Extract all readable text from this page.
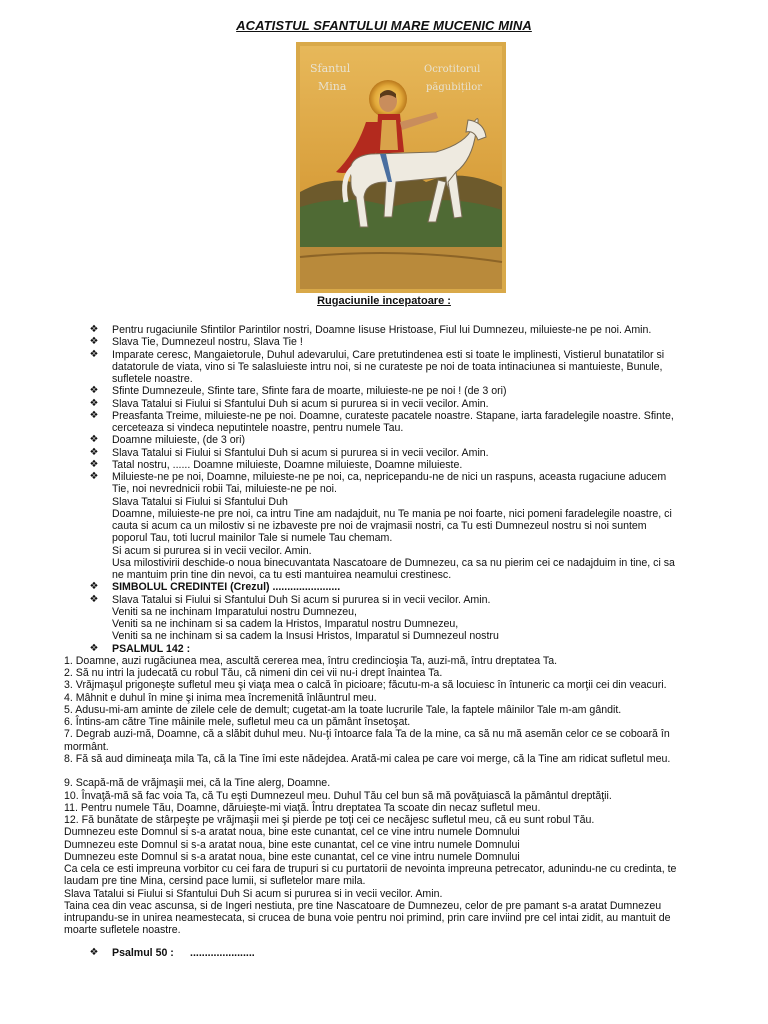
ACATISTUL SFANTULUI MARE MUCENIC MINA
Sfantul
Mina
Ocrotitorul
păgubiților
Rugaciunile incepatoare :
❖ Pentru rugaciunile Sfintilor Parintilor nostri, Doamne Iisuse Hristoase, Fiul lui Dumnezeu, miluieste-ne pe noi. Amin.
❖ Slava Tie, Dumnezeul nostru, Slava Tie !
❖ Imparate ceresc, Mangaietorule, Duhul adevarului, Care pretutindenea esti si toate le implinesti, Vistierul bunatatilor si
datatorule de viata, vino si Te salasluieste intru noi, si ne curateste pe noi de toata intinaciunea si mantuieste, Bunule,
sufletele noastre.
❖ Sfinte Dumnezeule, Sfinte tare, Sfinte fara de moarte, miluieste-ne pe noi ! (de 3 ori)
❖ Slava Tatalui si Fiului si Sfantului Duh si acum si pururea si in vecii vecilor. Amin.
❖ Preasfanta Treime, miluieste-ne pe noi. Doamne, curateste pacatele noastre. Stapane, iarta faradelegile noastre. Sfinte,
cerceteaza si vindeca neputintele noastre, pentru numele Tau.
❖ Doamne miluieste, (de 3 ori)
❖ Slava Tatalui si Fiului si Sfantului Duh si acum si pururea si in vecii vecilor. Amin.
❖ Tatal nostru, ...... Doamne miluieste, Doamne miluieste, Doamne miluieste.
❖ Miluieste-ne pe noi, Doamne, miluieste-ne pe noi, ca, nepricepandu-ne de nici un raspuns, aceasta rugaciune aducem
Tie, noi nevrednicii robii Tai, miluieste-ne pe noi.
Slava Tatalui si Fiului si Sfantului Duh
Doamne, miluieste-ne pre noi, ca intru Tine am nadajduit, nu Te mania pe noi foarte, nici pomeni faradelegile noastre, ci
cauta si acum ca un milostiv si ne izbaveste pre noi de vrajmasii nostri, ca Tu esti Dumnezeul nostru si noi suntem
poporul Tau, toti lucrul mainilor Tale si numele Tau chemam.
Si acum si pururea si in vecii vecilor. Amin.
Usa milostivirii deschide-o noua binecuvantata Nascatoare de Dumnezeu, ca sa nu pierim cei ce nadajduim in tine, ci sa
ne mantuim prin tine din nevoi, ca tu esti mantuirea neamului crestinesc.
❖ SIMBOLUL CREDINTEI (Crezul) .......................
❖ Slava Tatalui si Fiului si Sfantului Duh Si acum si pururea si in vecii vecilor. Amin.
Veniti sa ne inchinam Imparatului nostru Dumnezeu,
Veniti sa ne inchinam si sa cadem la Hristos, Imparatul nostru Dumnezeu,
Veniti sa ne inchinam si sa cadem la Insusi Hristos, Imparatul si Dumnezeul nostru
❖ PSALMUL 142 :
1. Doamne, auzi rugăciunea mea, ascultă cererea mea, întru credincioşia Ta, auzi-mă, întru dreptatea Ta.
2. Să nu intri la judecată cu robul Tău, că nimeni din cei vii nu-i drept înaintea Ta.
3. Vrăjmaşul prigoneşte sufletul meu şi viaţa mea o calcă în picioare; făcutu-m-a să locuiesc în întuneric ca morţii cei din veacuri.
4. Mâhnit e duhul în mine şi inima mea încremenită înlăuntrul meu.
5. Adusu-mi-am aminte de zilele cele de demult; cugetat-am la toate lucrurile Tale, la faptele mâinilor Tale m-am gândit.
6. Întins-am către Tine mâinile mele, sufletul meu ca un pământ însetoşat.
7. Degrab auzi-mă, Doamne, că a slăbit duhul meu. Nu-ţi întoarce fala Ta de la mine, ca să nu mă asemăn celor ce se coboară în
mormânt.
8. Fă să aud dimineaţa mila Ta, că la Tine îmi este nădejdea. Arată-mi calea pe care voi merge, că la Tine am ridicat sufletul meu.
9. Scapă-mă de vrăjmaşii mei, că la Tine alerg, Doamne.
10. Învaţă-mă să fac voia Ta, că Tu eşti Dumnezeul meu. Duhul Tău cel bun să mă povăţuiască la pământul dreptăţii.
11. Pentru numele Tău, Doamne, dăruieşte-mi viaţă. Întru dreptatea Ta scoate din necaz sufletul meu.
12. Fă bunătate de stârpeşte pe vrăjmaşii mei şi pierde pe toţi cei ce necăjesc sufletul meu, că eu sunt robul Tău.
Dumnezeu este Domnul si s-a aratat noua, bine este cunantat, cel ce vine intru numele Domnului
Dumnezeu este Domnul si s-a aratat noua, bine este cunantat, cel ce vine intru numele Domnului
Dumnezeu este Domnul si s-a aratat noua, bine este cunantat, cel ce vine intru numele Domnului
Ca cela ce esti impreuna vorbitor cu cei fara de trupuri si cu purtatorii de nevointa impreuna petrecator, adunindu-ne cu credinta, te
laudam pre tine Mina, cersind pace lumii, si sufletelor mare mila.
Slava Tatalui si Fiului si Sfantului Duh Si acum si pururea si in vecii vecilor. Amin.
Taina cea din veac ascunsa, si de Ingeri nestiuta, pre tine Nascatoare de Dumnezeu, celor de pre pamant s-a aratat Dumnezeu
intrupandu-se in unirea neamestecata, si crucea de buna voie pentru noi primind, prin care inviind pre cel intai zidit, au mantuit de
moarte sufletele noastre.
❖ Psalmul 50 : ......................
